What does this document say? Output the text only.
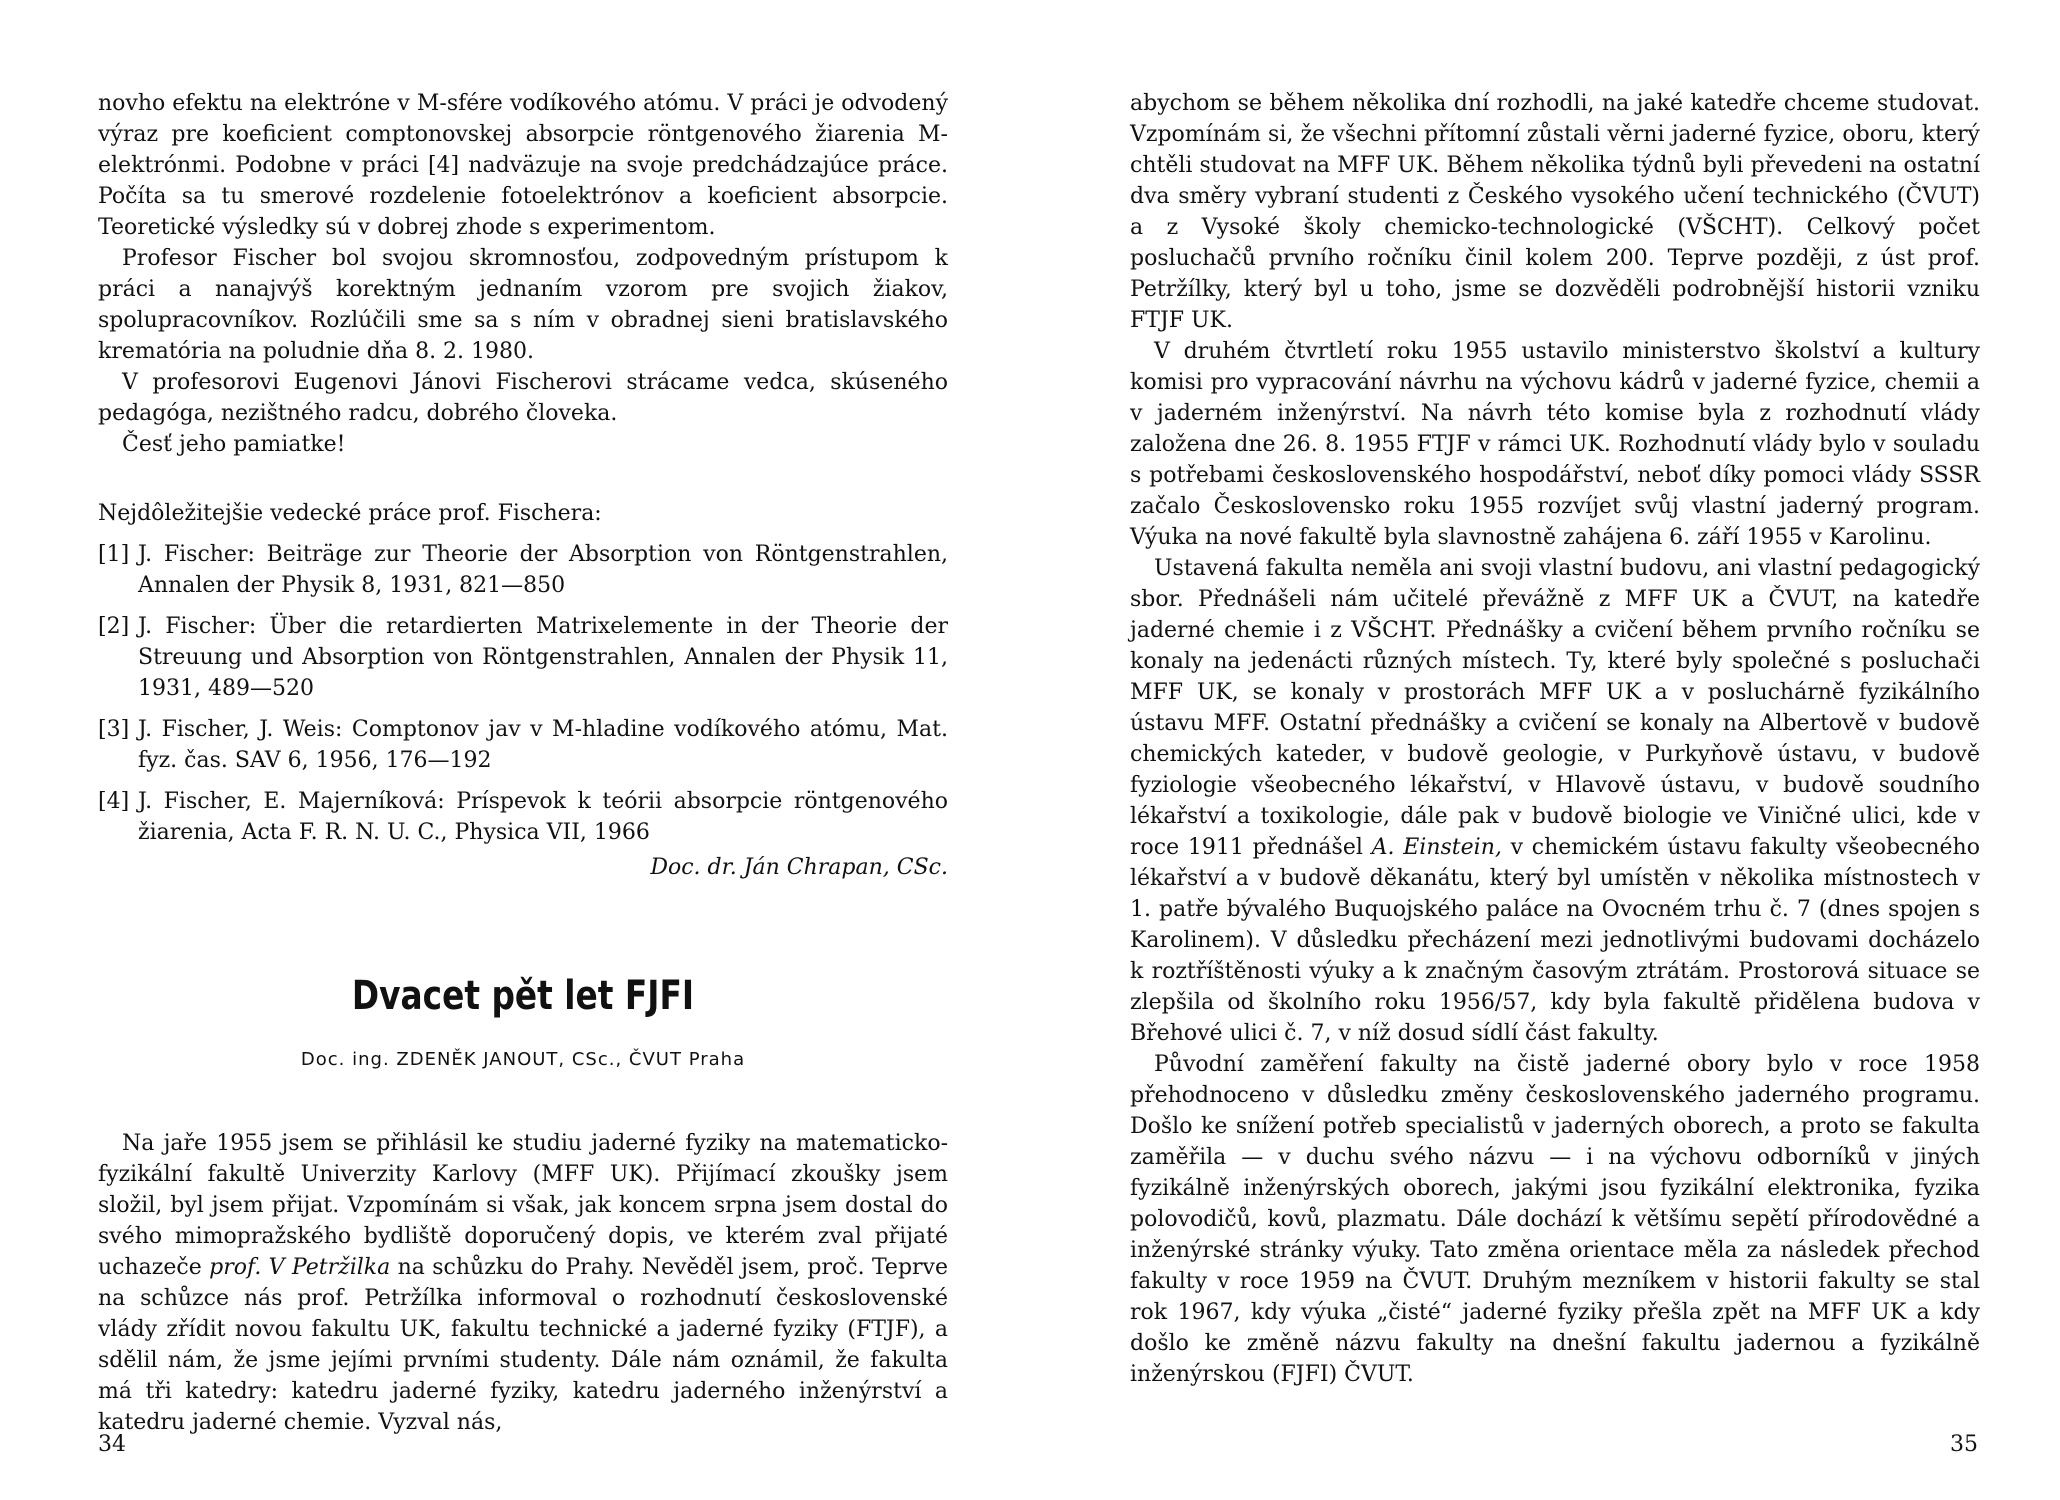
novho efektu na elektróne v M-sfére vodíkového atómu. V práci je odvodený výraz pre koeficient comptonovskej absorpcie röntgenového žiarenia M-elektrónmi. Podobne v práci [4] nadväzuje na svoje predchádzajúce práce. Počíta sa tu smerové rozdelenie fotoelektrónov a koeficient absorpcie. Teoretické výsledky sú v dobrej zhode s experimentom.

Profesor Fischer bol svojou skromnosťou, zodpovedným prístupom k práci a nanajvýš korektným jednaním vzorom pre svojich žiakov, spolupracovníkov. Rozlúčili sme sa s ním v obradnej sieni bratislavského krematória na poludnie dňa 8. 2. 1980.

V profesorovi Eugenovi Jánovi Fischerovi strácame vedca, skúseného pedagóga, nezištného radcu, dobrého človeka.

Česť jeho pamiatke!

Nejdôležitejšie vedecké práce prof. Fischera:

[1] J. Fischer: Beiträge zur Theorie der Absorption von Röntgenstrahlen, Annalen der Physik 8, 1931, 821—850
[2] J. Fischer: Über die retardierten Matrixelemente in der Theorie der Streuung und Absorption von Röntgenstrahlen, Annalen der Physik 11, 1931, 489—520
[3] J. Fischer, J. Weis: Comptonov jav v M-hladine vodíkového atómu, Mat. fyz. čas. SAV 6, 1956, 176—192
[4] J. Fischer, E. Majerníková: Príspevok k teórii absorpcie röntgenového žiarenia, Acta F. R. N. U. C., Physica VII, 1966
Doc. dr. Ján Chrapan, CSc.
Dvacet pět let FJFI
Doc. ing. ZDENĚK JANOUT, CSc., ČVUT Praha

Na jaře 1955 jsem se přihlásil ke studiu jaderné fyziky na matematicko-fyzikální fakultě Univerzity Karlovy (MFF UK). Přijímací zkoušky jsem složil, byl jsem přijat. Vzpomínám si však, jak koncem srpna jsem dostal do svého mimopražského bydliště doporučený dopis, ve kterém zval přijaté uchazeče prof. V Petržilka na schůzku do Prahy. Nevěděl jsem, proč. Teprve na schůzce nás prof. Petržílka informoval o rozhodnutí československé vlády zřídit novou fakultu UK, fakultu technické a jaderné fyziky (FTJF), a sdělil nám, že jsme jejími prvními studenty. Dále nám oznámil, že fakulta má tři katedry: katedru jaderné fyziky, katedru jaderného inženýrství a katedru jaderné chemie. Vyzval nás,

abychom se během několika dní rozhodli, na jaké katedře chceme studovat. Vzpomínám si, že všechni přítomní zůstali věrni jaderné fyzice, oboru, který chtěli studovat na MFF UK. Během několika týdnů byli převedeni na ostatní dva směry vybraní studenti z Českého vysokého učení technického (ČVUT) a z Vysoké školy chemicko-technologické (VŠCHT). Celkový počet posluchačů prvního ročníku činil kolem 200. Teprve později, z úst prof. Petržílky, který byl u toho, jsme se dozvěděli podrobnější historii vzniku FTJF UK.

V druhém čtvrtletí roku 1955 ustavilo ministerstvo školství a kultury komisi pro vypracování návrhu na výchovu kádrů v jaderné fyzice, chemii a v jaderném inženýrství. Na návrh této komise byla z rozhodnutí vlády založena dne 26. 8. 1955 FTJF v rámci UK. Rozhodnutí vlády bylo v souladu s potřebami československého hospodářství, neboť díky pomoci vlády SSSR začalo Československo roku 1955 rozvíjet svůj vlastní jaderný program. Výuka na nové fakultě byla slavnostně zahájena 6. září 1955 v Karolinu.

Ustavená fakulta neměla ani svoji vlastní budovu, ani vlastní pedagogický sbor. Přednášeli nám učitelé převážně z MFF UK a ČVUT, na katedře jaderné chemie i z VŠCHT. Přednášky a cvičení během prvního ročníku se konaly na jedenácti různých místech. Ty, které byly společné s posluchači MFF UK, se konaly v prostorách MFF UK a v posluchárně fyzikálního ústavu MFF. Ostatní přednášky a cvičení se konaly na Albertově v budově chemických kateder, v budově geologie, v Purkyňově ústavu, v budově fyziologie všeobecného lékařství, v Hlavově ústavu, v budově soudního lékařství a toxikologie, dále pak v budově biologie ve Viničné ulici, kde v roce 1911 přednášel A. Einstein, v chemickém ústavu fakulty všeobecného lékařství a v budově děkanátu, který byl umístěn v několika místnostech v 1. patře bývalého Buquojského paláce na Ovocném trhu č. 7 (dnes spojen s Karolinem). V důsledku přecházení mezi jednotlivými budovami docházelo k roztříštěnosti výuky a k značným časovým ztrátám. Prostorová situace se zlepšila od školního roku 1956/57, kdy byla fakultě přidělena budova v Břehové ulici č. 7, v níž dosud sídlí část fakulty.

Původní zaměření fakulty na čistě jaderné obory bylo v roce 1958 přehodnoceno v důsledku změny československého jaderného programu. Došlo ke snížení potřeb specialistů v jaderných oborech, a proto se fakulta zaměřila — v duchu svého názvu — i na výchovu odborníků v jiných fyzikálně inženýrských oborech, jakými jsou fyzikální elektronika, fyzika polovodičů, kovů, plazmatu. Dále dochází k většímu sepětí přírodovědné a inženýrské stránky výuky. Tato změna orientace měla za následek přechod fakulty v roce 1959 na ČVUT. Druhým mezníkem v historii fakulty se stal rok 1967, kdy výuka „čisté“ jaderné fyziky přešla zpět na MFF UK a kdy došlo ke změně názvu fakulty na dnešní fakultu jadernou a fyzikálně inženýrskou (FJFI) ČVUT.

34	35
